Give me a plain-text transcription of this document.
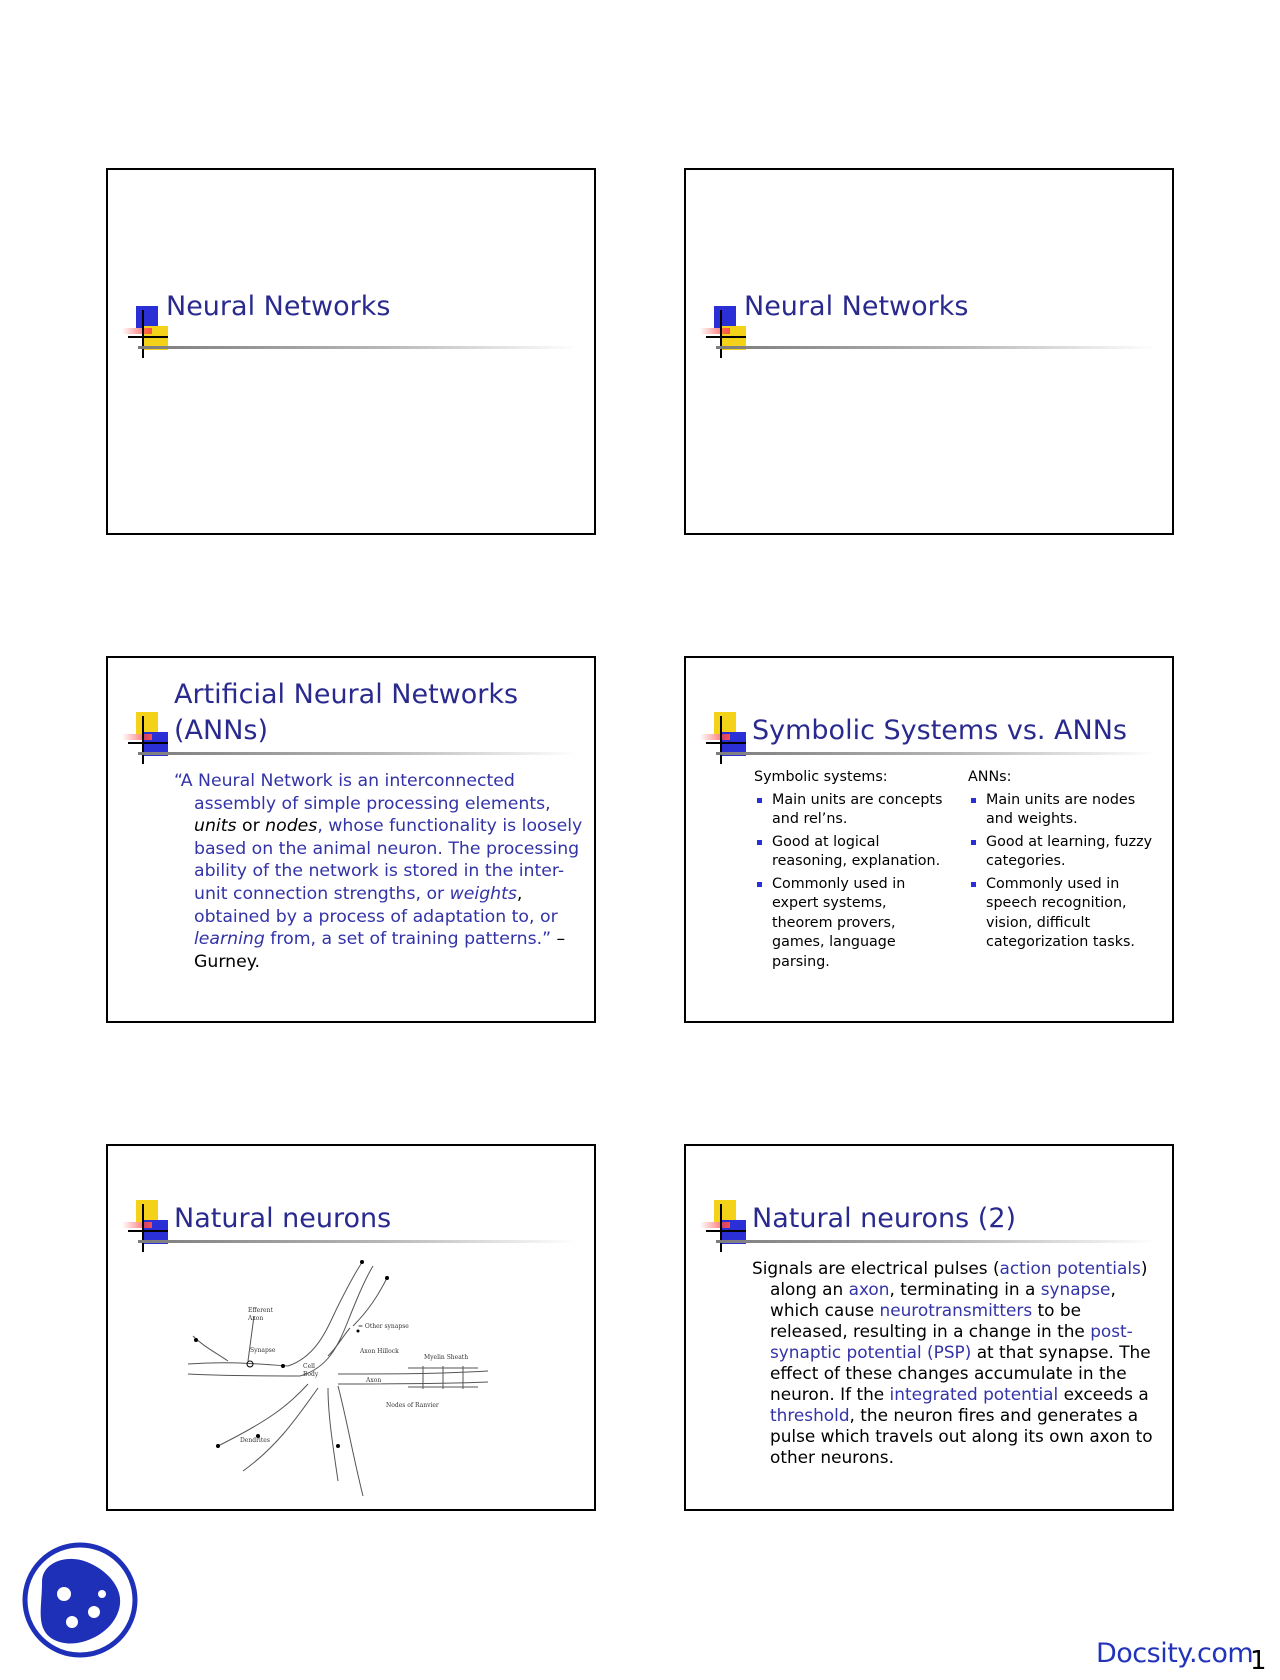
Neural Networks	Neural Networks
Artificial Neural Networks
(ANNs)
“A Neural Network is an interconnected
assembly of simple processing elements,
units or nodes, whose functionality is loosely
based on the animal neuron. The processing
ability of the network is stored in the inter-
unit connection strengths, or weights,
obtained by a process of adaptation to, or
learning from, a set of training patterns.” –
Gurney.
Symbolic Systems vs. ANNs
Symbolic systems:
Main units are concepts
and rel’ns.
Good at logical
reasoning, explanation.
Commonly used in
expert systems,
theorem provers,
games, language
parsing.
ANNs:
Main units are nodes
and weights.
Good at learning, fuzzy
categories.
Commonly used in
speech recognition,
vision, difficult
categorization tasks.
Natural neurons
Efferent
Axon
Synapse
= Other synapse
Axon Hillock
Myelin Sheath
Cell
Body
Axon
Nodes of Ranvier
Dendrites
Natural neurons (2)
Signals are electrical pulses (action potentials)
along an axon, terminating in a synapse,
which cause neurotransmitters to be
released, resulting in a change in the post-
synaptic potential (PSP) at that synapse. The
effect of these changes accumulate in the
neuron. If the integrated potential exceeds a
threshold, the neuron fires and generates a
pulse which travels out along its own axon to
other neurons.
Docsity.com
1
